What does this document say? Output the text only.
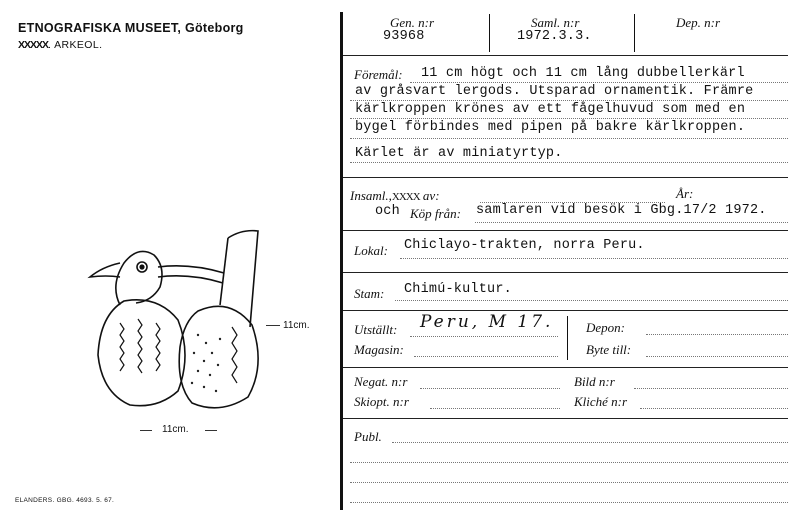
ETNOGRAFISKA MUSEET, Göteborg
XXXXX. ARKEOL.
11cm.
11cm.
ELANDERS. GBG. 4693. 5. 67.
Gen. n:r
93968
Saml. n:r
1972.3.3.
Dep. n:r
Föremål: 11 cm högt och 11 cm lång dubbellerkärl
av gråsvart lergods. Utsparad ornamentik. Främre
kärlkroppen krönes av ett fågelhuvud som med en
bygel förbindes med pipen på bakre kärlkroppen.
Kärlet är av miniatyrtyp.
Insaml.,XXXX av:	År:
och Köp från: samlaren vid besök i Gbg.17/2 1972.
Lokal: Chiclayo-trakten, norra Peru.
Stam: Chimú-kultur.
Utställt: Peru, M 17.
Magasin:
Depon:
Byte till:
Negat. n:r	Bild n:r
Skiopt. n:r	Kliché n:r
Publ.
